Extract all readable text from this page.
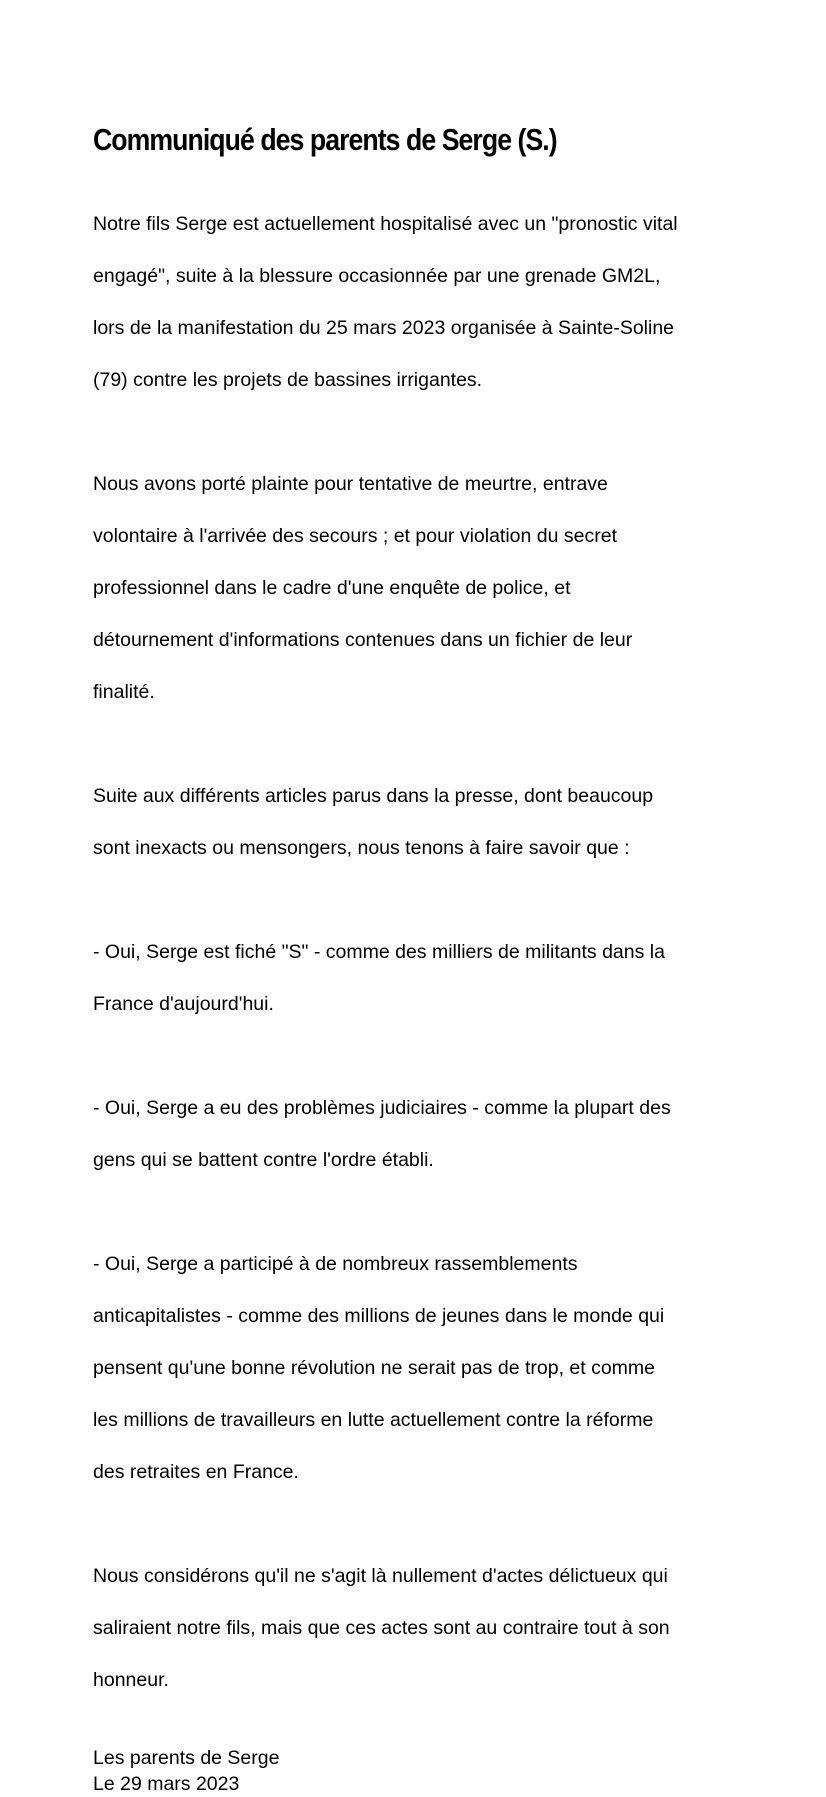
Communiqué des parents de Serge (S.)

Notre fils Serge est actuellement hospitalisé avec un "pronostic vital

engagé", suite à la blessure occasionnée par une grenade GM2L,

lors de la manifestation du 25 mars 2023 organisée à Sainte-Soline

(79) contre les projets de bassines irrigantes.

Nous avons porté plainte pour tentative de meurtre, entrave

volontaire à l'arrivée des secours ; et pour violation du secret

professionnel dans le cadre d'une enquête de police, et

détournement d'informations contenues dans un fichier de leur

finalité.

Suite aux différents articles parus dans la presse, dont beaucoup

sont inexacts ou mensongers, nous tenons à faire savoir que :

- Oui, Serge est fiché "S" - comme des milliers de militants dans la

France d'aujourd'hui.

- Oui, Serge a eu des problèmes judiciaires - comme la plupart des

gens qui se battent contre l'ordre établi.

- Oui, Serge a participé à de nombreux rassemblements

anticapitalistes - comme des millions de jeunes dans le monde qui

pensent qu'une bonne révolution ne serait pas de trop, et comme

les millions de travailleurs en lutte actuellement contre la réforme

des retraites en France.

Nous considérons qu'il ne s'agit là nullement d'actes délictueux qui

saliraient notre fils, mais que ces actes sont au contraire tout à son

honneur.

Les parents de Serge
Le 29 mars 2023
